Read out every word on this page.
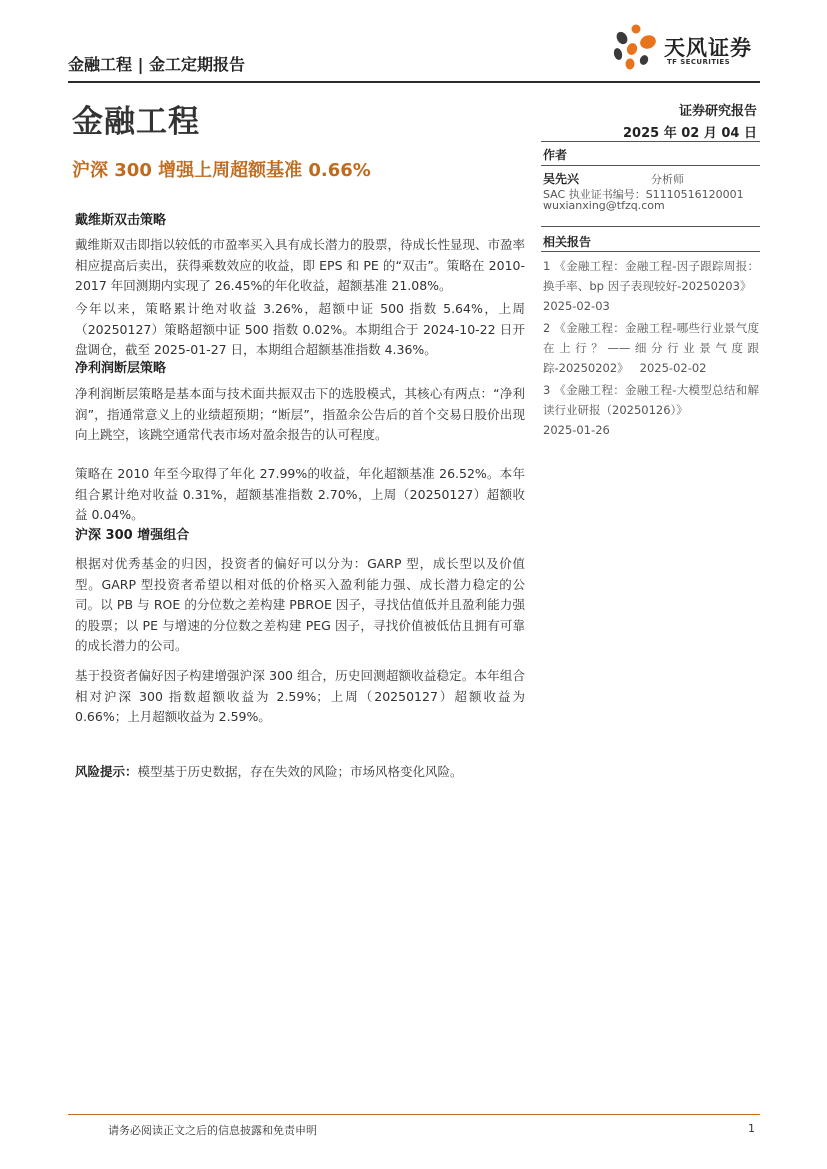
金融工程 | 金工定期报告
天风证券
TF SECURITIES
金融工程	证券研究报告
2025 年 02 月 04 日
沪深 300 增强上周超额基准 0.66%
作者
吴先兴	分析师
SAC 执业证书编号：S1110516120001
wuxianxing@tfzq.com
相关报告
1 《金融工程：金融工程-因子跟踪周报：换手率、bp 因子表现较好-20250203》   2025-02-03
2 《金融工程：金融工程-哪些行业景气度在上行？——细分行业景气度跟踪-20250202》 2025-02-02
3 《金融工程：金融工程-大模型总结和解读行业研报（20250126）》
2025-01-26
戴维斯双击策略
戴维斯双击即指以较低的市盈率买入具有成长潜力的股票，待成长性显现、市盈率相应提高后卖出，获得乘数效应的收益，即 EPS 和 PE 的“双击”。策略在 2010-2017 年回测期内实现了 26.45%的年化收益，超额基准 21.08%。
今年以来，策略累计绝对收益 3.26%，超额中证 500 指数 5.64%，上周（20250127）策略超额中证 500 指数 0.02%。本期组合于 2024-10-22 日开盘调仓，截至 2025-01-27 日，本期组合超额基准指数 4.36%。
净利润断层策略
净利润断层策略是基本面与技术面共振双击下的选股模式，其核心有两点：“净利润”，指通常意义上的业绩超预期；“断层”，指盈余公告后的首个交易日股价出现向上跳空，该跳空通常代表市场对盈余报告的认可程度。
策略在 2010 年至今取得了年化 27.99%的收益，年化超额基准 26.52%。本年组合累计绝对收益 0.31%，超额基准指数 2.70%，上周（20250127）超额收益 0.04%。
沪深 300 增强组合
根据对优秀基金的归因，投资者的偏好可以分为：GARP 型，成长型以及价值型。GARP 型投资者希望以相对低的价格买入盈利能力强、成长潜力稳定的公司。以 PB 与 ROE 的分位数之差构建 PBROE 因子，寻找估值低并且盈利能力强的股票；以 PE 与增速的分位数之差构建 PEG 因子，寻找价值被低估且拥有可靠的成长潜力的公司。
基于投资者偏好因子构建增强沪深 300 组合，历史回测超额收益稳定。本年组合相对沪深 300 指数超额收益为 2.59%；上周（20250127）超额收益为 0.66%；上月超额收益为 2.59%。
风险提示：模型基于历史数据，存在失效的风险；市场风格变化风险。
请务必阅读正文之后的信息披露和免责申明	1
